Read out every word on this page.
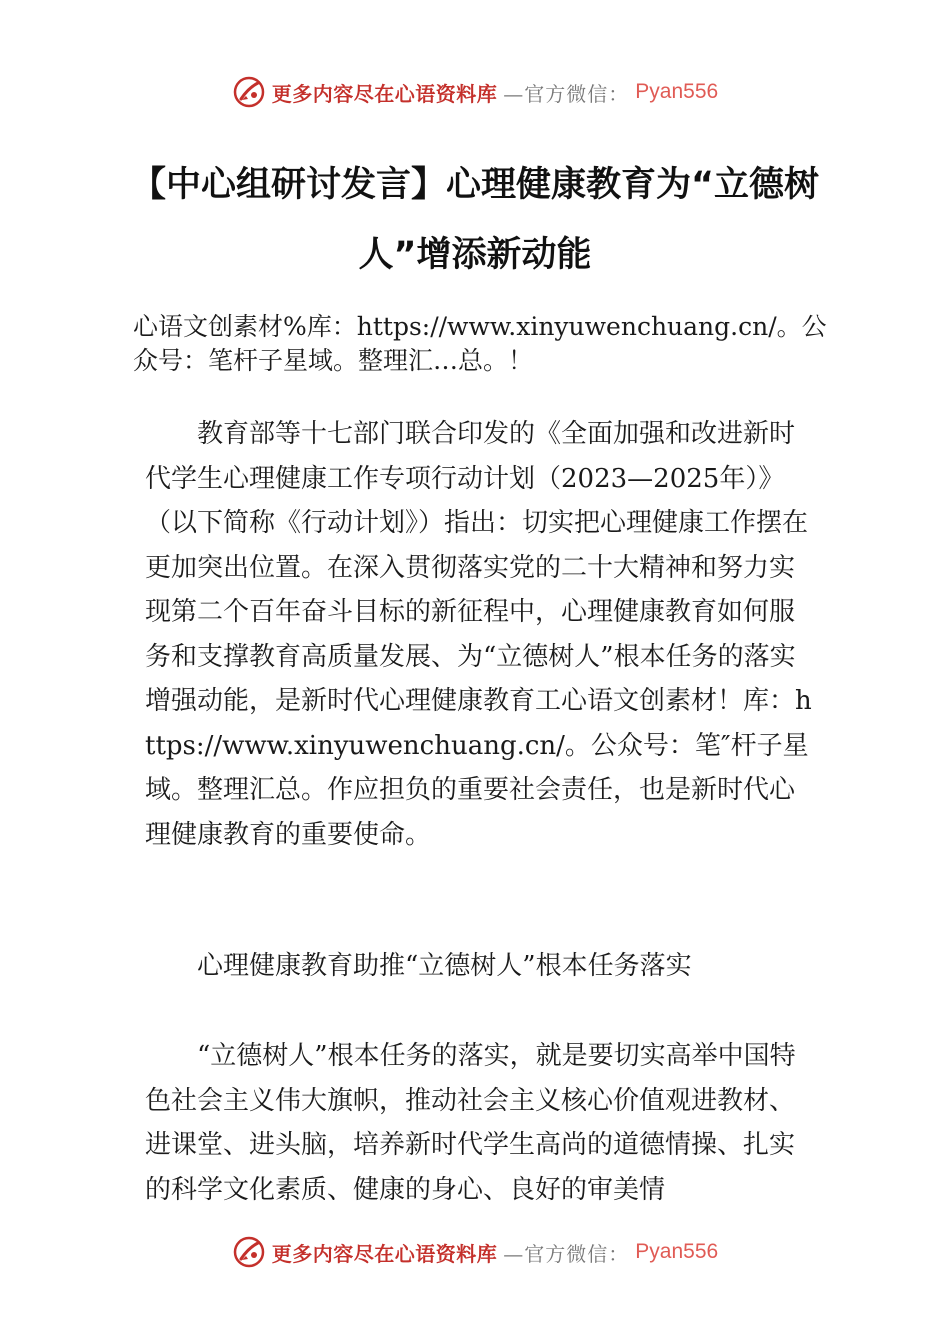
更多内容尽在心语资料库 —官方微信： Pyan556
【中心组研讨发言】心理健康教育为“立德树人”增添新动能

心语文创素材%库：https://www.xinyuwenchuang.cn/。公众号：笔杆子星域。整理汇…总。！

教育部等十七部门联合印发的《全面加强和改进新时代学生心理健康工作专项行动计划（2023—2025年）》（以下简称《行动计划》）指出：切实把心理健康工作摆在更加突出位置。在深入贯彻落实党的二十大精神和努力实现第二个百年奋斗目标的新征程中，心理健康教育如何服务和支撑教育高质量发展、为“立德树人”根本任务的落实增强动能，是新时代心理健康教育工心语文创素材！库：https://www.xinyuwenchuang.cn/。公众号：笔″杆子星域。整理汇总。作应担负的重要社会责任，也是新时代心理健康教育的重要使命。

心理健康教育助推“立德树人”根本任务落实

“立德树人”根本任务的落实，就是要切实高举中国特色社会主义伟大旗帜，推动社会主义核心价值观进教材、进课堂、进头脑，培养新时代学生高尚的道德情操、扎实的科学文化素质、健康的身心、良好的审美情

更多内容尽在心语资料库 —官方微信： Pyan556
